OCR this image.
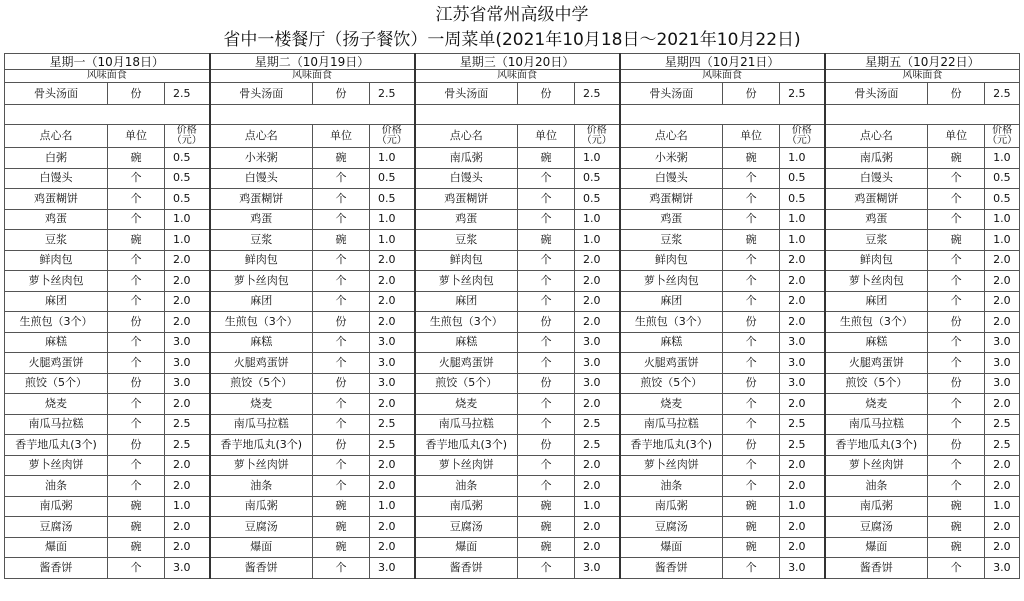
江苏省常州高级中学
省中一楼餐厅（扬子餐饮）一周菜单(2021年10月18日～2021年10月22日)
星期一（10月18日）			星期二（10月19日）			星期三（10月20日）			星期四（10月21日）			星期五（10月22日）		
风味面食			风味面食			风味面食			风味面食			风味面食		
骨头汤面	份	2.5	骨头汤面	份	2.5	骨头汤面	份	2.5	骨头汤面	份	2.5	骨头汤面	份	2.5

点心名	单位	价格（元）	点心名	单位	价格（元）	点心名	单位	价格（元）	点心名	单位	价格（元）	点心名	单位	价格（元）
白粥	碗	0.5	小米粥	碗	1.0	南瓜粥	碗	1.0	小米粥	碗	1.0	南瓜粥	碗	1.0
白馒头	个	0.5	白馒头	个	0.5	白馒头	个	0.5	白馒头	个	0.5	白馒头	个	0.5
鸡蛋糊饼	个	0.5	鸡蛋糊饼	个	0.5	鸡蛋糊饼	个	0.5	鸡蛋糊饼	个	0.5	鸡蛋糊饼	个	0.5
鸡蛋	个	1.0	鸡蛋	个	1.0	鸡蛋	个	1.0	鸡蛋	个	1.0	鸡蛋	个	1.0
豆浆	碗	1.0	豆浆	碗	1.0	豆浆	碗	1.0	豆浆	碗	1.0	豆浆	碗	1.0
鲜肉包	个	2.0	鲜肉包	个	2.0	鲜肉包	个	2.0	鲜肉包	个	2.0	鲜肉包	个	2.0
萝卜丝肉包	个	2.0	萝卜丝肉包	个	2.0	萝卜丝肉包	个	2.0	萝卜丝肉包	个	2.0	萝卜丝肉包	个	2.0
麻团	个	2.0	麻团	个	2.0	麻团	个	2.0	麻团	个	2.0	麻团	个	2.0
生煎包（3个）	份	2.0	生煎包（3个）	份	2.0	生煎包（3个）	份	2.0	生煎包（3个）	份	2.0	生煎包（3个）	份	2.0
麻糕	个	3.0	麻糕	个	3.0	麻糕	个	3.0	麻糕	个	3.0	麻糕	个	3.0
火腿鸡蛋饼	个	3.0	火腿鸡蛋饼	个	3.0	火腿鸡蛋饼	个	3.0	火腿鸡蛋饼	个	3.0	火腿鸡蛋饼	个	3.0
煎饺（5个）	份	3.0	煎饺（5个）	份	3.0	煎饺（5个）	份	3.0	煎饺（5个）	份	3.0	煎饺（5个）	份	3.0
烧麦	个	2.0	烧麦	个	2.0	烧麦	个	2.0	烧麦	个	2.0	烧麦	个	2.0
南瓜马拉糕	个	2.5	南瓜马拉糕	个	2.5	南瓜马拉糕	个	2.5	南瓜马拉糕	个	2.5	南瓜马拉糕	个	2.5
香芋地瓜丸(3个)	份	2.5	香芋地瓜丸(3个)	份	2.5	香芋地瓜丸(3个)	份	2.5	香芋地瓜丸(3个)	份	2.5	香芋地瓜丸(3个)	份	2.5
萝卜丝肉饼	个	2.0	萝卜丝肉饼	个	2.0	萝卜丝肉饼	个	2.0	萝卜丝肉饼	个	2.0	萝卜丝肉饼	个	2.0
油条	个	2.0	油条	个	2.0	油条	个	2.0	油条	个	2.0	油条	个	2.0
南瓜粥	碗	1.0	南瓜粥	碗	1.0	南瓜粥	碗	1.0	南瓜粥	碗	1.0	南瓜粥	碗	1.0
豆腐汤	碗	2.0	豆腐汤	碗	2.0	豆腐汤	碗	2.0	豆腐汤	碗	2.0	豆腐汤	碗	2.0
爆面	碗	2.0	爆面	碗	2.0	爆面	碗	2.0	爆面	碗	2.0	爆面	碗	2.0
酱香饼	个	3.0	酱香饼	个	3.0	酱香饼	个	3.0	酱香饼	个	3.0	酱香饼	个	3.0
